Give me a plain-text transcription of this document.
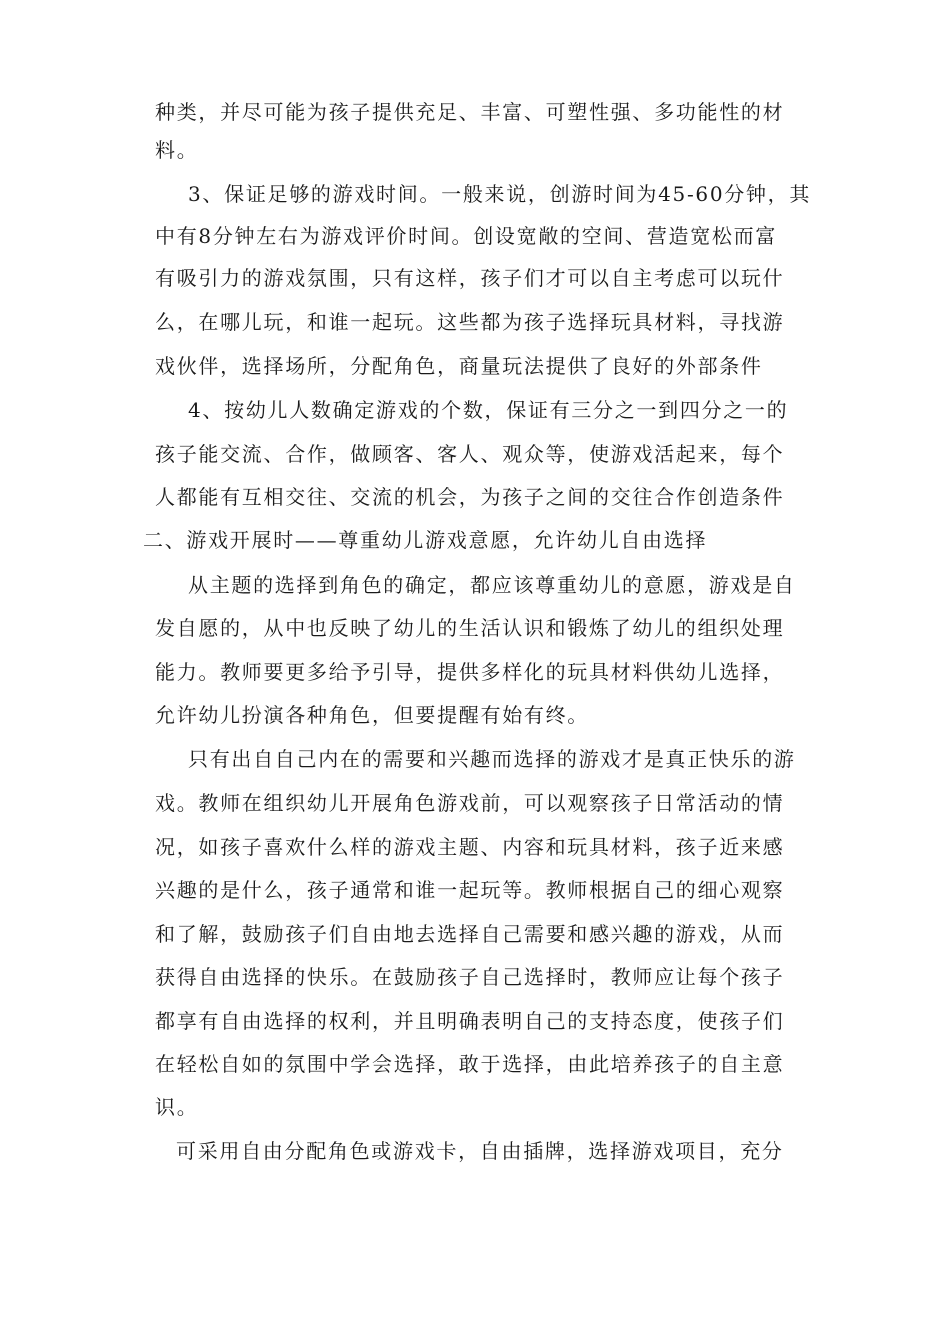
种类，并尽可能为孩子提供充足、丰富、可塑性强、多功能性的材
料。
3、保证足够的游戏时间。一般来说，创游时间为45-60分钟，其
中有8分钟左右为游戏评价时间。创设宽敞的空间、营造宽松而富
有吸引力的游戏氛围，只有这样，孩子们才可以自主考虑可以玩什
么，在哪儿玩，和谁一起玩。这些都为孩子选择玩具材料，寻找游
戏伙伴，选择场所，分配角色，商量玩法提供了良好的外部条件
4、按幼儿人数确定游戏的个数，保证有三分之一到四分之一的
孩子能交流、合作，做顾客、客人、观众等，使游戏活起来，每个
人都能有互相交往、交流的机会，为孩子之间的交往合作创造条件
二、游戏开展时——尊重幼儿游戏意愿，允许幼儿自由选择
从主题的选择到角色的确定，都应该尊重幼儿的意愿，游戏是自
发自愿的，从中也反映了幼儿的生活认识和锻炼了幼儿的组织处理
能力。教师要更多给予引导，提供多样化的玩具材料供幼儿选择，
允许幼儿扮演各种角色，但要提醒有始有终。
只有出自自己内在的需要和兴趣而选择的游戏才是真正快乐的游
戏。教师在组织幼儿开展角色游戏前，可以观察孩子日常活动的情
况，如孩子喜欢什么样的游戏主题、内容和玩具材料，孩子近来感
兴趣的是什么，孩子通常和谁一起玩等。教师根据自己的细心观察
和了解，鼓励孩子们自由地去选择自己需要和感兴趣的游戏，从而
获得自由选择的快乐。在鼓励孩子自己选择时，教师应让每个孩子
都享有自由选择的权利，并且明确表明自己的支持态度，使孩子们
在轻松自如的氛围中学会选择，敢于选择，由此培养孩子的自主意
识。
可采用自由分配角色或游戏卡，自由插牌，选择游戏项目，充分
